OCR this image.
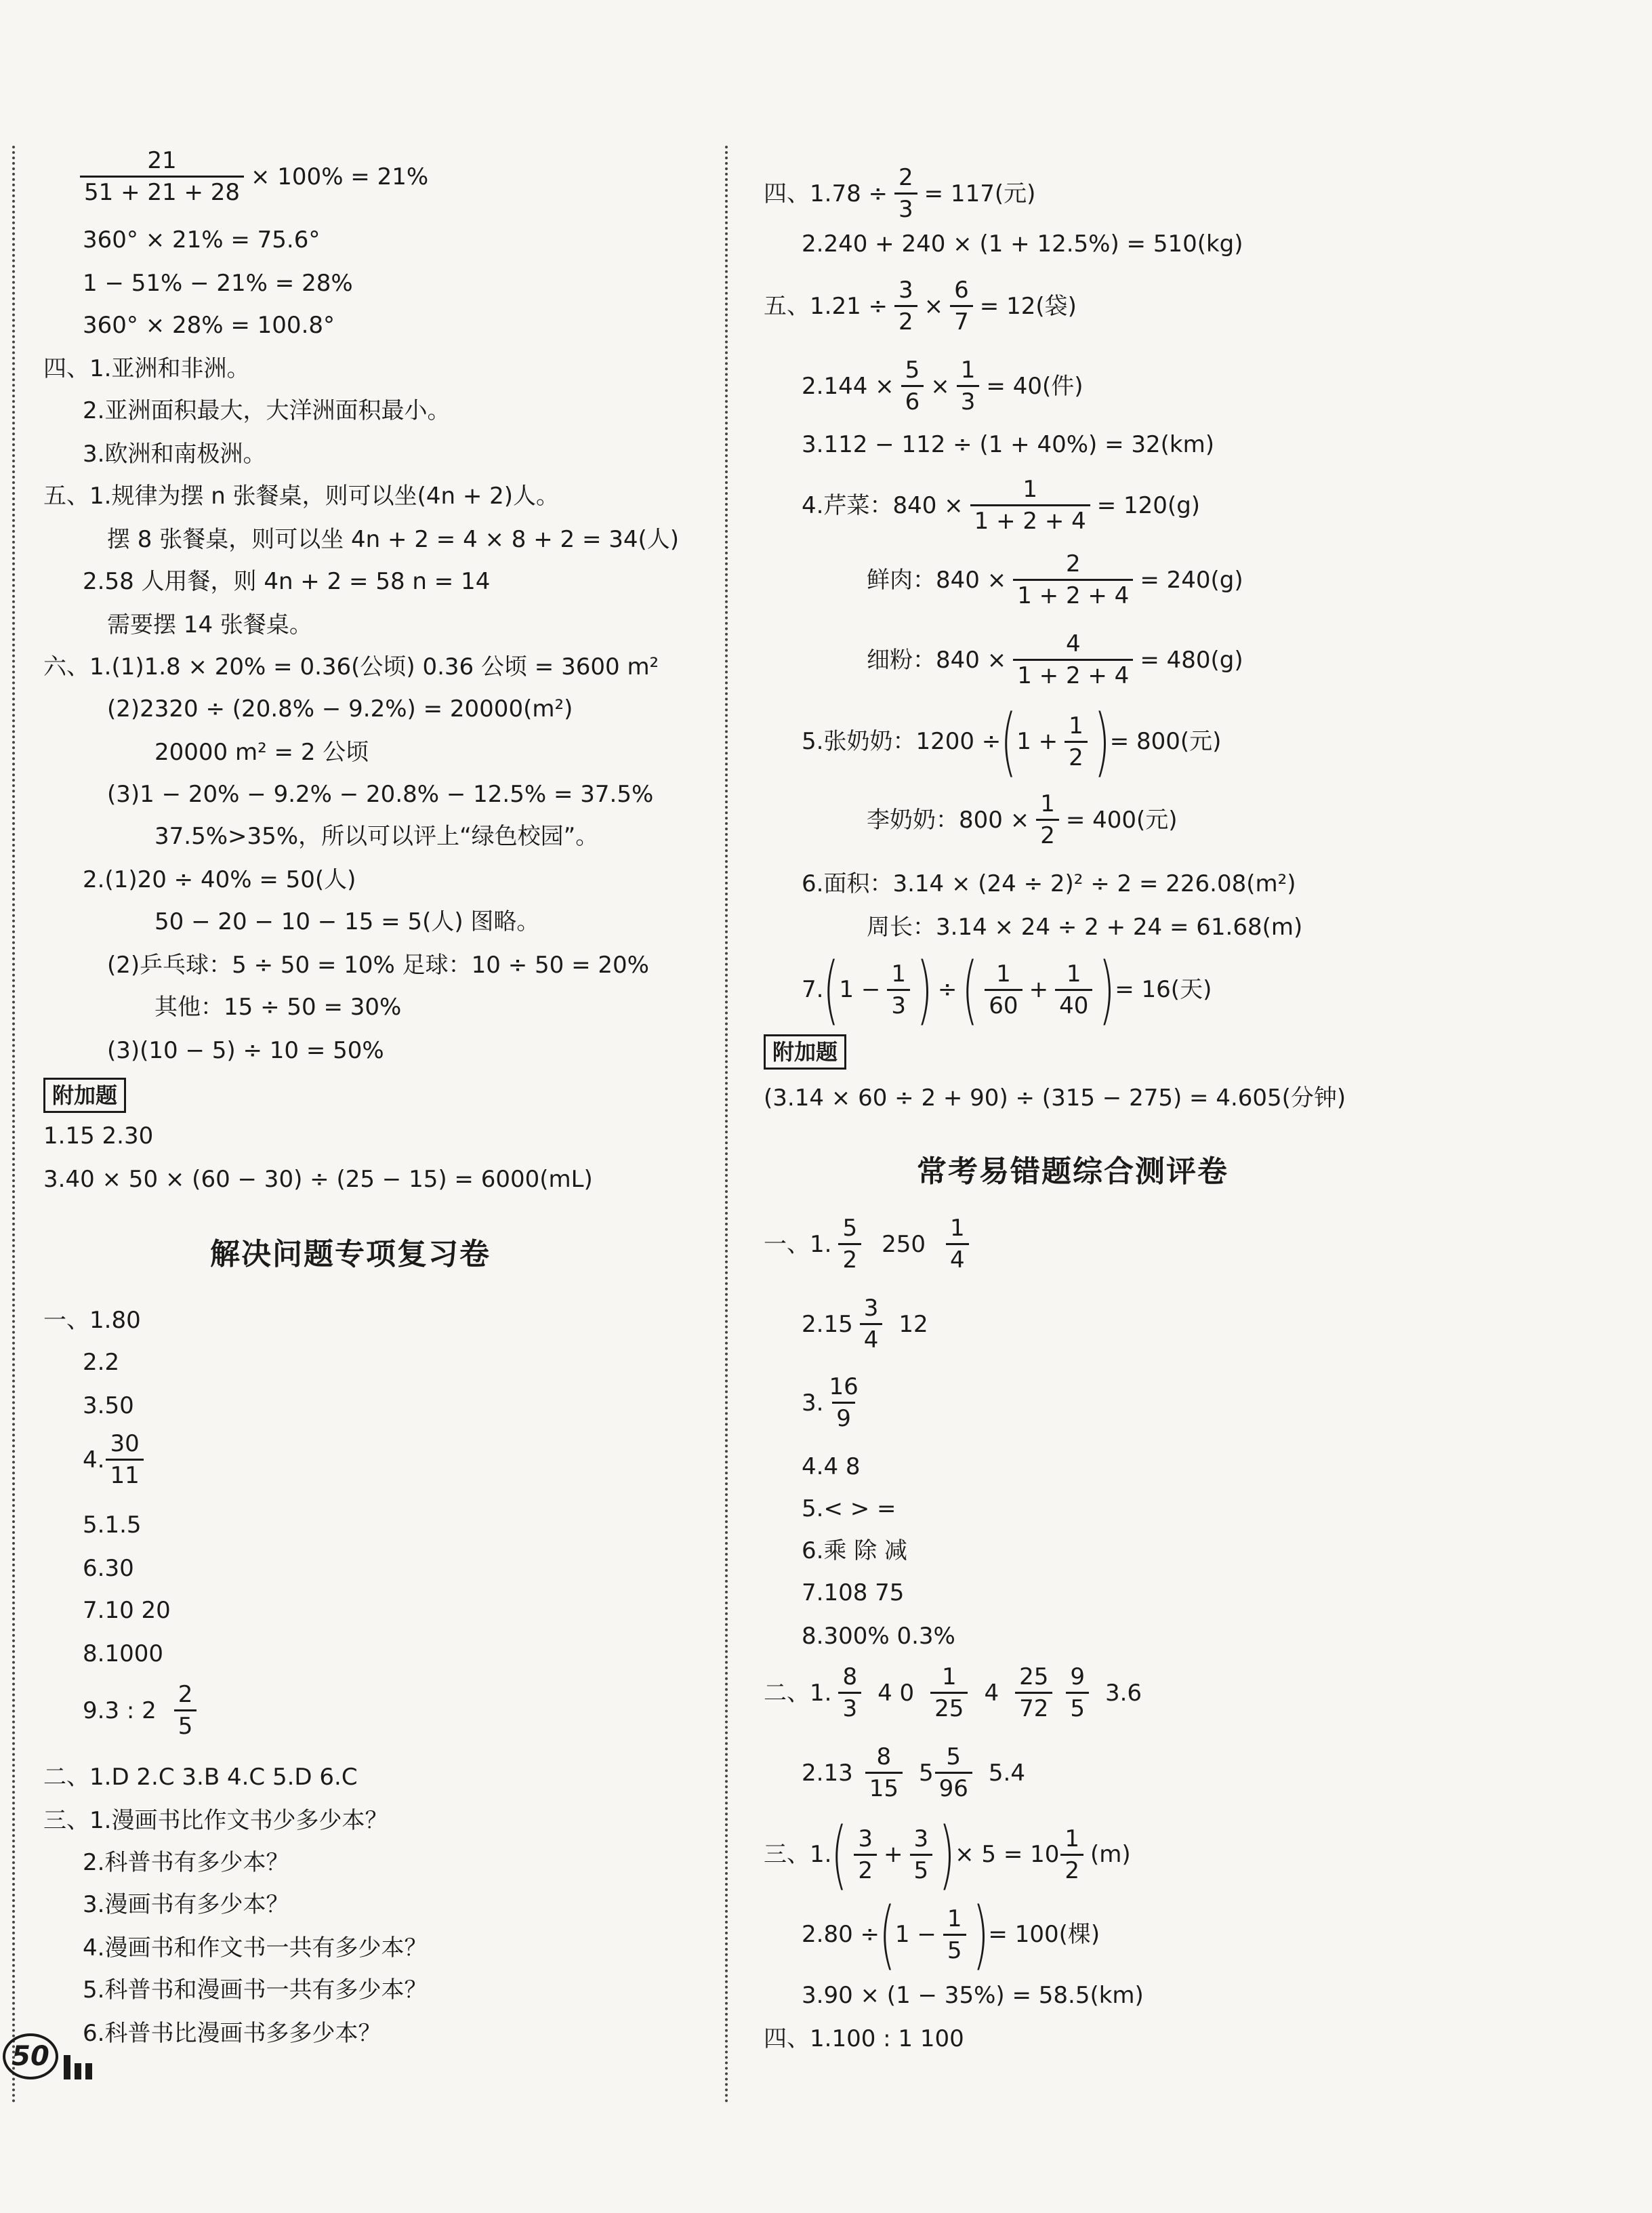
$\frac{21}{51 + 21 + 28} \times 100\% = 21\%$
360° × 21% = 75.6°
1 − 51% − 21% = 28%
360° × 28% = 100.8°
四、1.亚洲和非洲。
2.亚洲面积最大，大洋洲面积最小。
3.欧洲和南极洲。
五、1.规律为摆 n 张餐桌，则可以坐(4n + 2)人。
摆 8 张餐桌，则可以坐 4n + 2 = 4 × 8 + 2 = 34(人)
2.58 人用餐，则 4n + 2 = 58 n = 14
需要摆 14 张餐桌。
六、1.(1)1.8 × 20% = 0.36(公顷) 0.36 公顷 = 3600 m²
(2)2320 ÷ (20.8% − 9.2%) = 20000(m²)
20000 m² = 2 公顷
(3)1 − 20% − 9.2% − 20.8% − 12.5% = 37.5%
37.5%>35%，所以可以评上“绿色校园”。
2.(1)20 ÷ 40% = 50(人)
50 − 20 − 10 − 15 = 5(人) 图略。
(2)乒乓球：5 ÷ 50 = 10% 足球：10 ÷ 50 = 20%
其他：15 ÷ 50 = 30%
(3)(10 − 5) ÷ 10 = 50%
附加题
1.15 2.30
3.40 × 50 × (60 − 30) ÷ (25 − 15) = 6000(mL)
解决问题专项复习卷
一、1.80
2.2
3.50
4. $\frac{30}{11}$
5.1.5
6.30
7.10 20
8.1000
9.3 : $2 \frac{2}{5}$
二、1.D 2.C 3.B 4.C 5.D 6.C
三、1.漫画书比作文书少多少本？
2.科普书有多少本？
3.漫画书有多少本？
4.漫画书和作文书一共有多少本？
5.科普书和漫画书一共有多少本？
6.科普书比漫画书多多少本？
四、$1.78 \div \frac{2}{3} = 117$(元)
2.240 + 240 × (1 + 12.5%) = 510(kg)
五、$1.21 \div \frac{3}{2} \times \frac{6}{7} = 12$(袋)
$2.144 \times \frac{5}{6} \times \frac{1}{3} = 40$(件)
3.112 − 112 ÷ (1 + 40%) = 32(km)
4.芹菜：$840 \times \frac{1}{1 + 2 + 4} = 120(g)$
鲜肉：$840 \times \frac{2}{1 + 2 + 4} = 240(g)$
细粉：$840 \times \frac{4}{1 + 2 + 4} = 480(g)$
5.张奶奶：1200 ÷ ( $1 + \frac{1}{2}$ ) = 800(元)
李奶奶：$800 \times \frac{1}{2} = 400$(元)
6.面积：3.14 × (24 ÷ 2)² ÷ 2 = 226.08(m²)
周长：3.14 × 24 ÷ 2 + 24 = 61.68(m)
7. ( $1 - \frac{1}{3}$ ) ÷ ( $\frac{1}{60} + \frac{1}{40}$ ) = 16(天)
附加题
(3.14 × 60 ÷ 2 + 90) ÷ (315 − 275) = 4.605(分钟)
常考易错题综合测评卷
一、1. $\frac{5}{2} 250 \frac{1}{4}$
$2.15 \frac{3}{4} 12$
3. $\frac{16}{9}$
4.4 8
5.< > =
6.乘 除 减
7.108 75
8.300% 0.3%
二、1. $\frac{8}{3} 4$ $0 \frac{1}{25} 4 \frac{25}{72} \frac{9}{5} 3.6$
$2.13 \frac{8}{15} 5 \frac{5}{96} 5.4$
三、1. ( $\frac{3}{2} + \frac{3}{5}$ ) × $5 = 10 \frac{1}{2} (m)$
2.80 ÷ ( $1 - \frac{1}{5}$ ) = 100(棵)
3.90 × (1 − 35%) = 58.5(km)
四、1.100 : 1 100
50
